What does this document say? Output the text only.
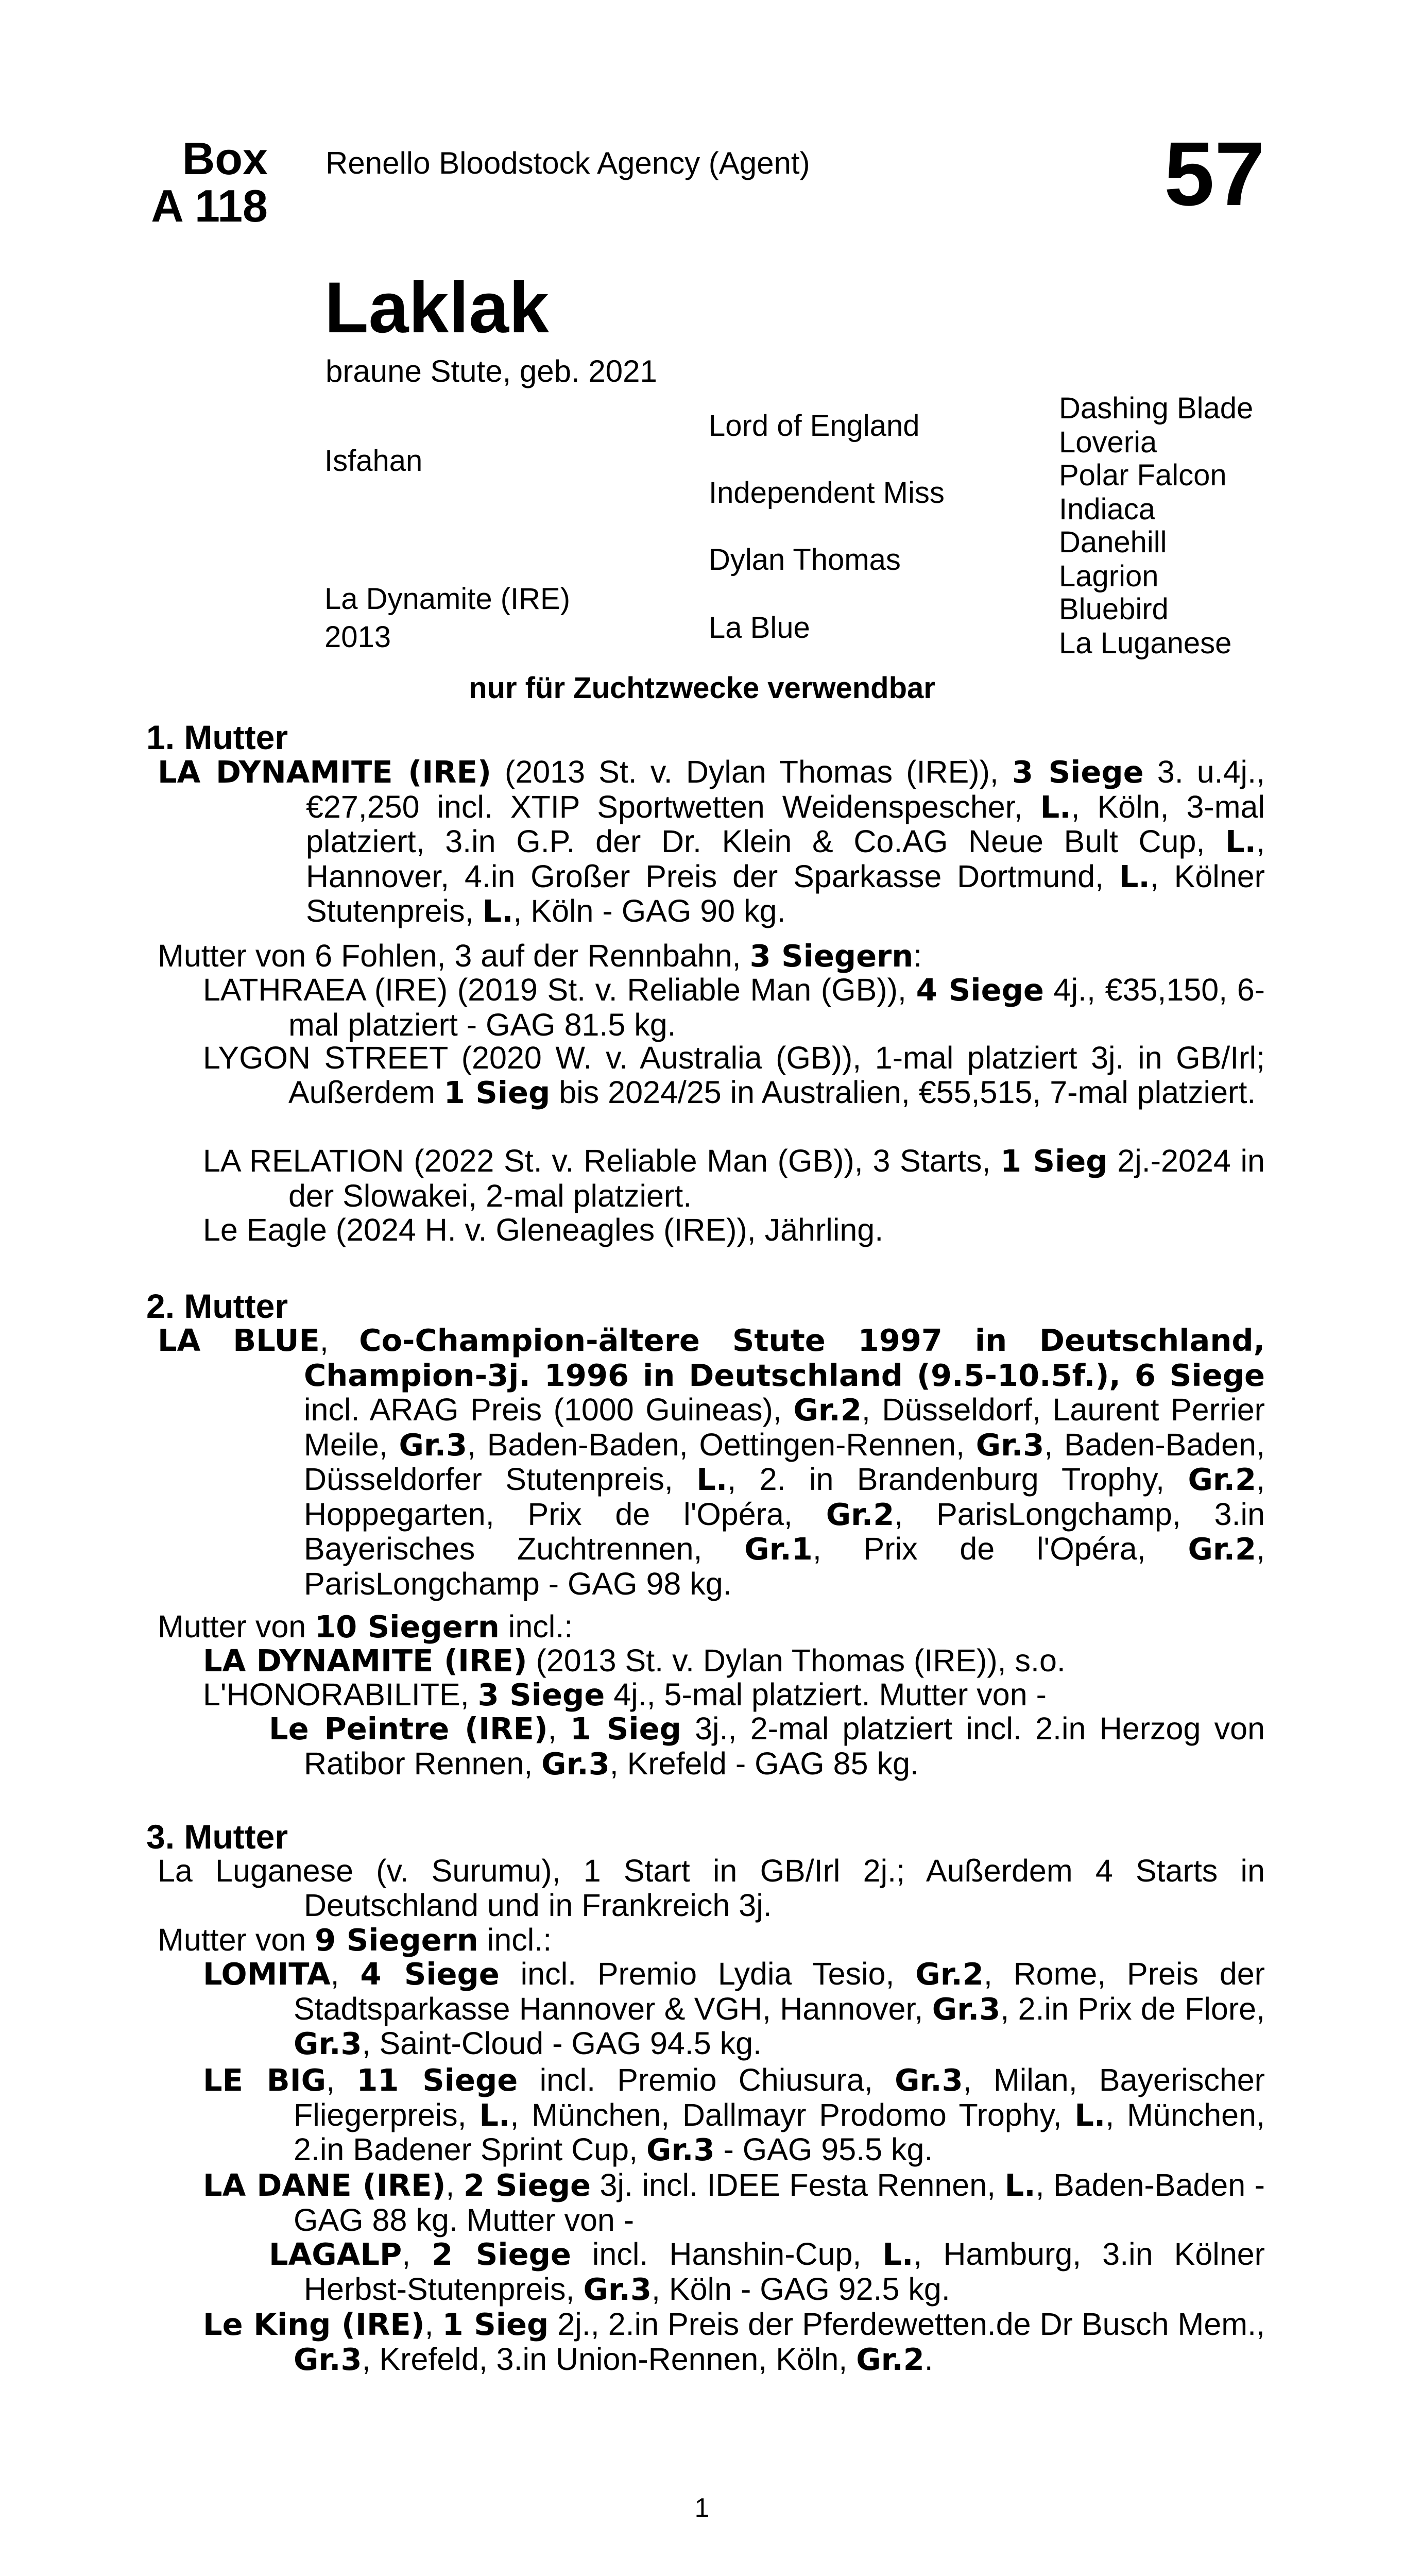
Box
A 118
Renello Bloodstock Agency (Agent)	57
Laklak
braune Stute, geb. 2021
Isfahan
La Dynamite (IRE)
2013
Lord of England
Independent Miss
Dylan Thomas
La Blue
Dashing Blade
Loveria
Polar Falcon
Indiaca
Danehill
Lagrion
Bluebird
La Luganese
nur für Zuchtzwecke verwendbar
1. Mutter
LA DYNAMITE (IRE) (2013 St. v. Dylan Thomas (IRE)), 3 Siege 3. u.4j., €27,250 incl. XTIP Sportwetten Weidenspescher, L., Köln, 3-mal platziert, 3.in G.P. der Dr. Klein & Co.AG Neue Bult Cup, L., Hannover, 4.in Großer Preis der Sparkasse Dortmund, L., Kölner Stutenpreis, L., Köln - GAG 90 kg.
Mutter von 6 Fohlen, 3 auf der Rennbahn, 3 Siegern:
LATHRAEA (IRE) (2019 St. v. Reliable Man (GB)), 4 Siege 4j., €35,150, 6-mal platziert - GAG 81.5 kg.
LYGON STREET (2020 W. v. Australia (GB)), 1-mal platziert 3j. in GB/Irl; Außerdem 1 Sieg bis 2024/25 in Australien, €55,515, 7-mal platziert.
LA RELATION (2022 St. v. Reliable Man (GB)), 3 Starts, 1 Sieg 2j.-2024 in der Slowakei, 2-mal platziert.
Le Eagle (2024 H. v. Gleneagles (IRE)), Jährling.
2. Mutter
LA BLUE, Co-Champion-ältere Stute 1997 in Deutschland, Champion-3j. 1996 in Deutschland (9.5-10.5f.), 6 Siege incl. ARAG Preis (1000 Guineas), Gr.2, Düsseldorf, Laurent Perrier Meile, Gr.3, Baden-Baden, Oettingen-Rennen, Gr.3, Baden-Baden, Düsseldorfer Stutenpreis, L., 2. in Brandenburg Trophy, Gr.2, Hoppegarten, Prix de l'Opéra, Gr.2, ParisLongchamp, 3.in Bayerisches Zuchtrennen, Gr.1, Prix de l'Opéra, Gr.2, ParisLongchamp - GAG 98 kg.
Mutter von 10 Siegern incl.:
LA DYNAMITE (IRE) (2013 St. v. Dylan Thomas (IRE)), s.o.
L'HONORABILITE, 3 Siege 4j., 5-mal platziert. Mutter von -
Le Peintre (IRE), 1 Sieg 3j., 2-mal platziert incl. 2.in Herzog von Ratibor Rennen, Gr.3, Krefeld - GAG 85 kg.
3. Mutter
La Luganese (v. Surumu), 1 Start in GB/Irl 2j.; Außerdem 4 Starts in Deutschland und in Frankreich 3j.
Mutter von 9 Siegern incl.:
LOMITA, 4 Siege incl. Premio Lydia Tesio, Gr.2, Rome, Preis der Stadtsparkasse Hannover & VGH, Hannover, Gr.3, 2.in Prix de Flore, Gr.3, Saint-Cloud - GAG 94.5 kg.
LE BIG, 11 Siege incl. Premio Chiusura, Gr.3, Milan, Bayerischer Fliegerpreis, L., München, Dallmayr Prodomo Trophy, L., München, 2.in Badener Sprint Cup, Gr.3 - GAG 95.5 kg.
LA DANE (IRE), 2 Siege 3j. incl. IDEE Festa Rennen, L., Baden-Baden - GAG 88 kg. Mutter von -
LAGALP, 2 Siege incl. Hanshin-Cup, L., Hamburg, 3.in Kölner Herbst-Stutenpreis, Gr.3, Köln - GAG 92.5 kg.
Le King (IRE), 1 Sieg 2j., 2.in Preis der Pferdewetten.de Dr Busch Mem., Gr.3, Krefeld, 3.in Union-Rennen, Köln, Gr.2.
1
